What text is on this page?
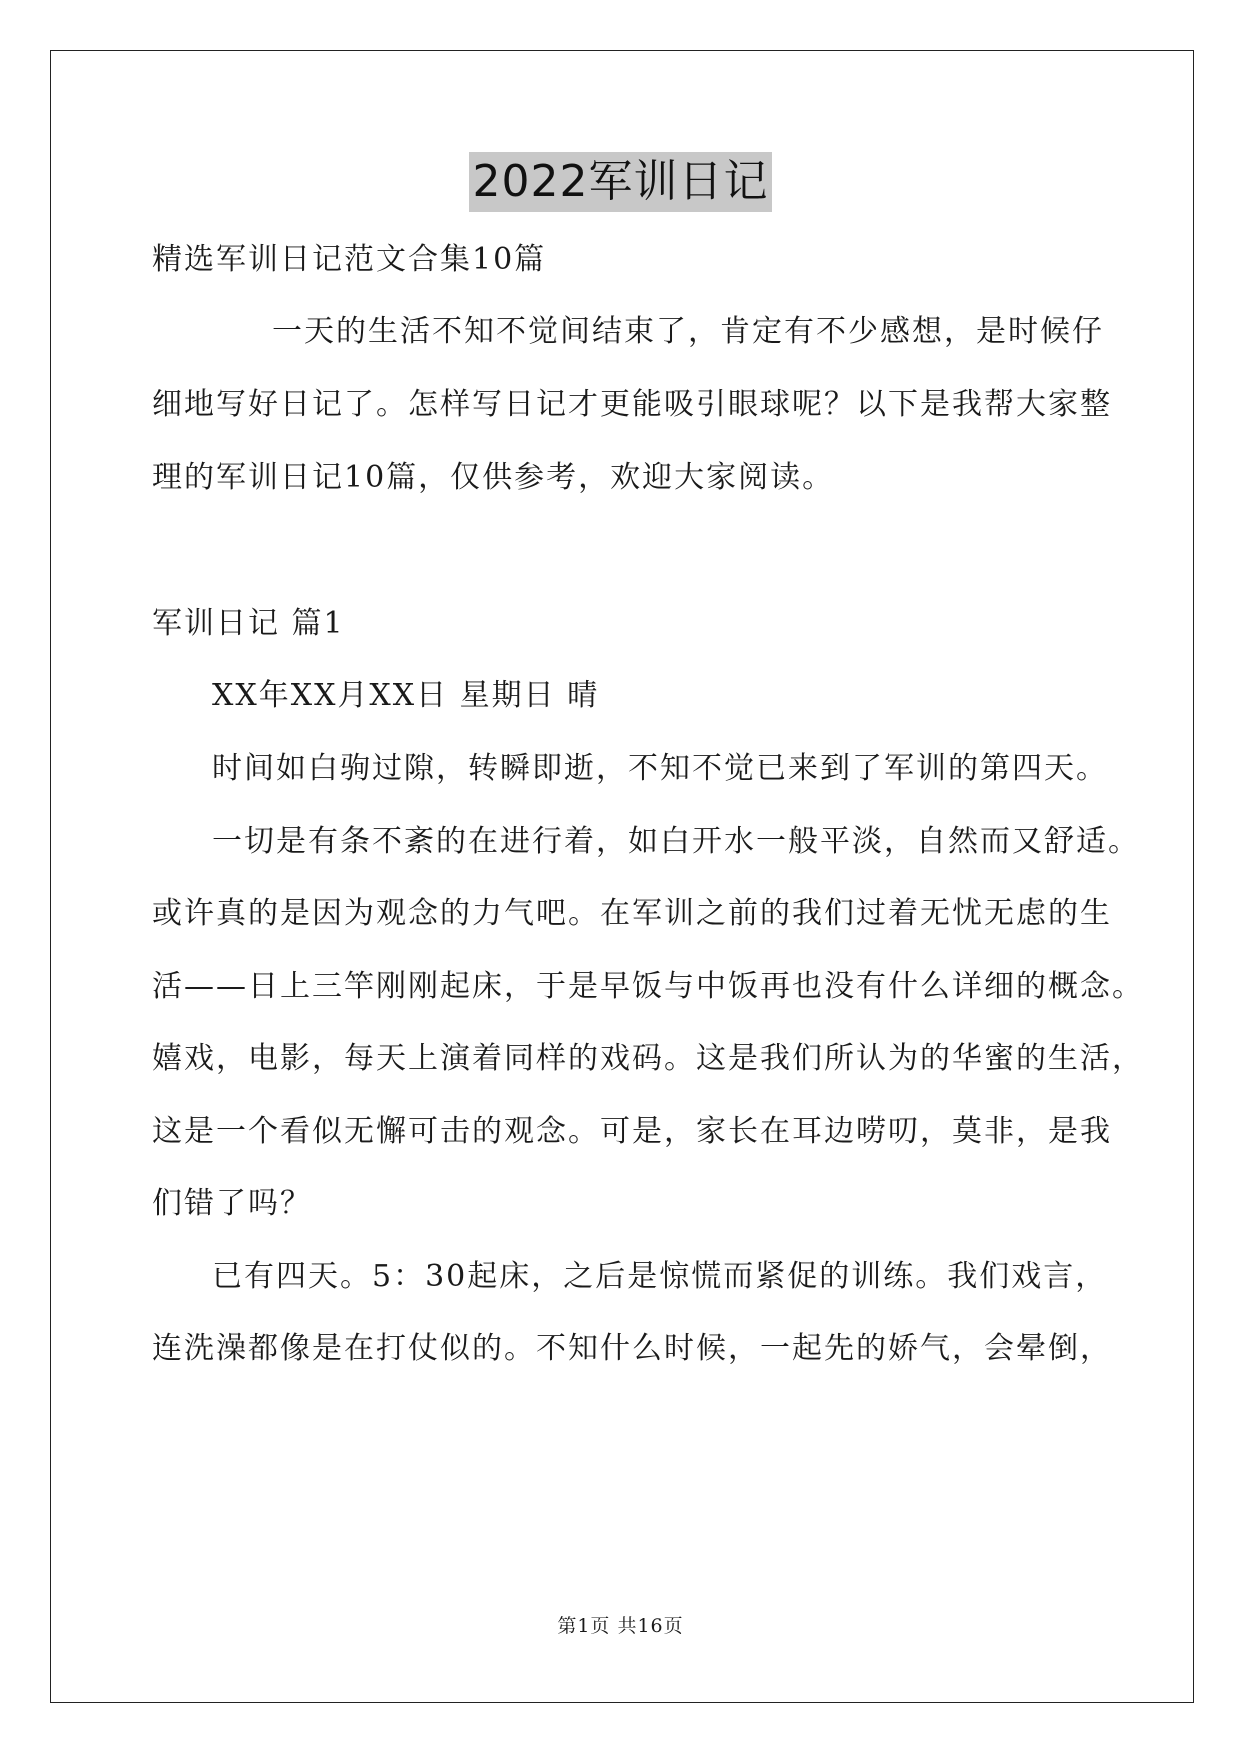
2022军训日记
精选军训日记范文合集10篇
一天的生活不知不觉间结束了，肯定有不少感想，是时候仔
细地写好日记了。怎样写日记才更能吸引眼球呢？以下是我帮大家整
理的军训日记10篇，仅供参考，欢迎大家阅读。
军训日记 篇1
XX年XX月XX日 星期日 晴
时间如白驹过隙，转瞬即逝，不知不觉已来到了军训的第四天。
一切是有条不紊的在进行着，如白开水一般平淡，自然而又舒适。
或许真的是因为观念的力气吧。在军训之前的我们过着无忧无虑的生
活——日上三竿刚刚起床，于是早饭与中饭再也没有什么详细的概念。
嬉戏，电影，每天上演着同样的戏码。这是我们所认为的华蜜的生活，
这是一个看似无懈可击的观念。可是，家长在耳边唠叨，莫非，是我
们错了吗？
已有四天。5：30起床，之后是惊慌而紧促的训练。我们戏言，
连洗澡都像是在打仗似的。不知什么时候，一起先的娇气，会晕倒，
第1页 共16页
